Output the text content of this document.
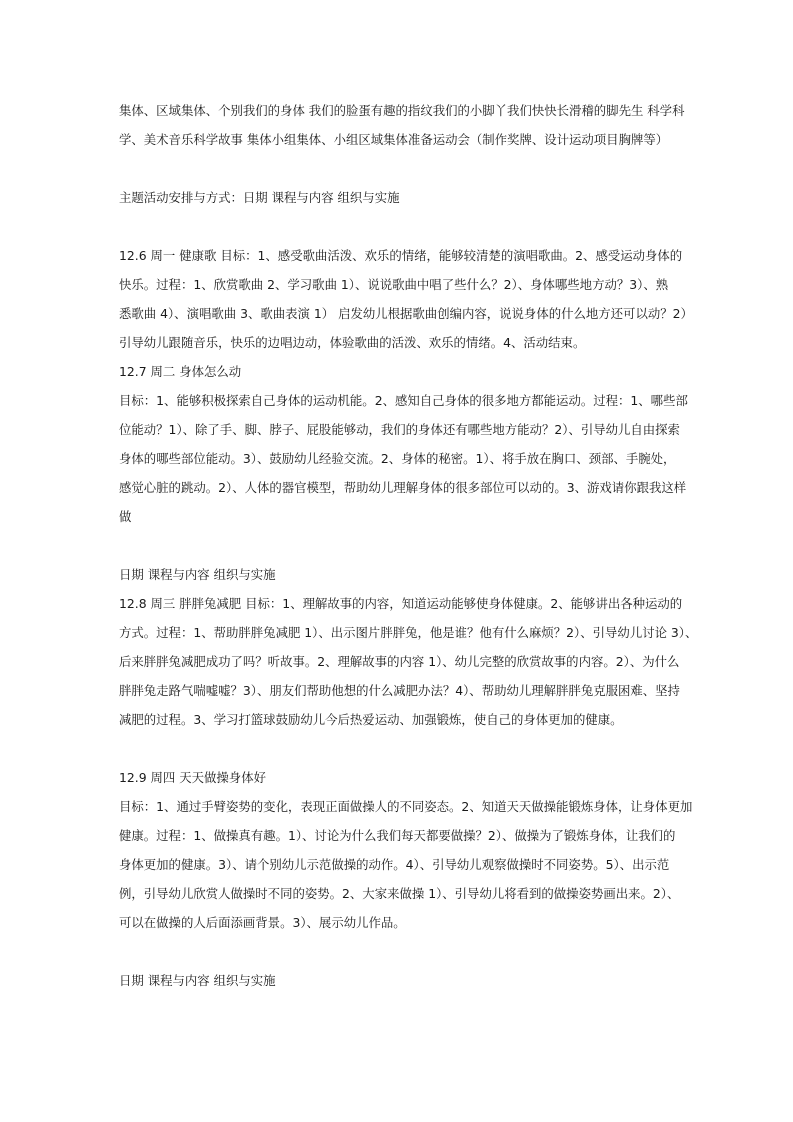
集体、区域集体、个别我们的身体 我们的脸蛋有趣的指纹我们的小脚丫我们快快长滑稽的脚先生 科学科
学、美术音乐科学故事 集体小组集体、小组区域集体准备运动会（制作奖牌、设计运动项目胸牌等）
主题活动安排与方式：日期 课程与内容 组织与实施
12.6 周一 健康歌 目标：1、感受歌曲活泼、欢乐的情绪，能够较清楚的演唱歌曲。2、感受运动身体的
快乐。过程：1、欣赏歌曲 2、学习歌曲 1）、说说歌曲中唱了些什么？2）、身体哪些地方动？3）、熟
悉歌曲 4）、演唱歌曲 3、歌曲表演 1） 启发幼儿根据歌曲创编内容，说说身体的什么地方还可以动？2）
引导幼儿跟随音乐，快乐的边唱边动，体验歌曲的活泼、欢乐的情绪。4、活动结束。
12.7 周二 身体怎么动
目标：1、能够积极探索自己身体的运动机能。2、感知自己身体的很多地方都能运动。过程：1、哪些部
位能动？1）、除了手、脚、脖子、屁股能够动，我们的身体还有哪些地方能动？2）、引导幼儿自由探索
身体的哪些部位能动。3）、鼓励幼儿经验交流。2、身体的秘密。1）、将手放在胸口、颈部、手腕处，
感觉心脏的跳动。2）、人体的器官模型，帮助幼儿理解身体的很多部位可以动的。3、游戏请你跟我这样
做
日期 课程与内容 组织与实施
12.8 周三 胖胖兔减肥 目标：1、理解故事的内容，知道运动能够使身体健康。2、能够讲出各种运动的
方式。过程：1、帮助胖胖兔减肥 1）、出示图片胖胖兔，他是谁？他有什么麻烦？2）、引导幼儿讨论 3）、
后来胖胖兔减肥成功了吗？听故事。2、理解故事的内容 1）、幼儿完整的欣赏故事的内容。2）、为什么
胖胖兔走路气喘嘘嘘？3）、朋友们帮助他想的什么减肥办法？4）、帮助幼儿理解胖胖兔克服困难、坚持
减肥的过程。3、学习打篮球鼓励幼儿今后热爱运动、加强锻炼，使自己的身体更加的健康。
12.9 周四 天天做操身体好
目标：1、通过手臂姿势的变化，表现正面做操人的不同姿态。2、知道天天做操能锻炼身体，让身体更加
健康。过程：1、做操真有趣。1）、讨论为什么我们每天都要做操？2）、做操为了锻炼身体，让我们的
身体更加的健康。3）、请个别幼儿示范做操的动作。4）、引导幼儿观察做操时不同姿势。5）、出示范
例，引导幼儿欣赏人做操时不同的姿势。2、大家来做操 1）、引导幼儿将看到的做操姿势画出来。2）、
可以在做操的人后面添画背景。3）、展示幼儿作品。
日期 课程与内容 组织与实施
